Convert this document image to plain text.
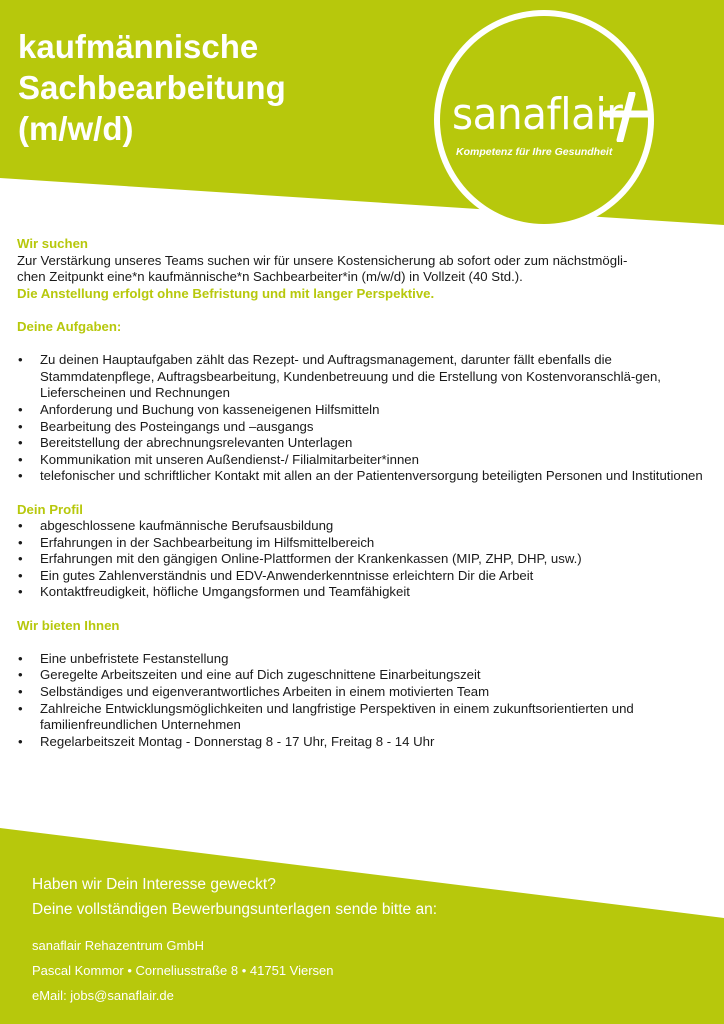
kaufmännische
Sachbearbeitung
(m/w/d)	sanaflair
Kompetenz für Ihre Gesundheit

Wir suchen

Zur Verstärkung unseres Teams suchen wir für unsere Kostensicherung ab sofort oder zum nächstmögli-
chen Zeitpunkt eine*n kaufmännische*n Sachbearbeiter*in (m/w/d) in Vollzeit (40 Std.).

Die Anstellung erfolgt ohne Befristung und mit langer Perspektive.

Deine Aufgaben:

• Zu deinen Hauptaufgaben zählt das Rezept- und Auftragsmanagement, darunter fällt ebenfalls die Stammdatenpflege, Auftragsbearbeitung, Kundenbetreuung und die Erstellung von Kostenvoranschlä-gen, Lieferscheinen und Rechnungen
• Anforderung und Buchung von kasseneigenen Hilfsmitteln
• Bearbeitung des Posteingangs und –ausgangs
• Bereitstellung der abrechnungsrelevanten Unterlagen
• Kommunikation mit unseren Außendienst-/ Filialmitarbeiter*innen
• telefonischer und schriftlicher Kontakt mit allen an der Patientenversorgung beteiligten Personen und Institutionen

Dein Profil

• abgeschlossene kaufmännische Berufsausbildung
• Erfahrungen in der Sachbearbeitung im Hilfsmittelbereich
• Erfahrungen mit den gängigen Online-Plattformen der Krankenkassen (MIP, ZHP, DHP, usw.)
• Ein gutes Zahlenverständnis und EDV-Anwenderkenntnisse erleichtern Dir die Arbeit
• Kontaktfreudigkeit, höfliche Umgangsformen und Teamfähigkeit

Wir bieten Ihnen

• Eine unbefristete Festanstellung
• Geregelte Arbeitszeiten und eine auf Dich zugeschnittene Einarbeitungszeit
• Selbständiges und eigenverantwortliches Arbeiten in einem motivierten Team
• Zahlreiche Entwicklungsmöglichkeiten und langfristige Perspektiven in einem zukunftsorientierten und familienfreundlichen Unternehmen
• Regelarbeitszeit Montag - Donnerstag 8 - 17 Uhr, Freitag 8 - 14 Uhr
Haben wir Dein Interesse geweckt?
Deine vollständigen Bewerbungsunterlagen sende bitte an:
sanaflair Rehazentrum GmbH
Pascal Kommor • Corneliusstraße 8 • 41751 Viersen
eMail: jobs@sanaflair.de
